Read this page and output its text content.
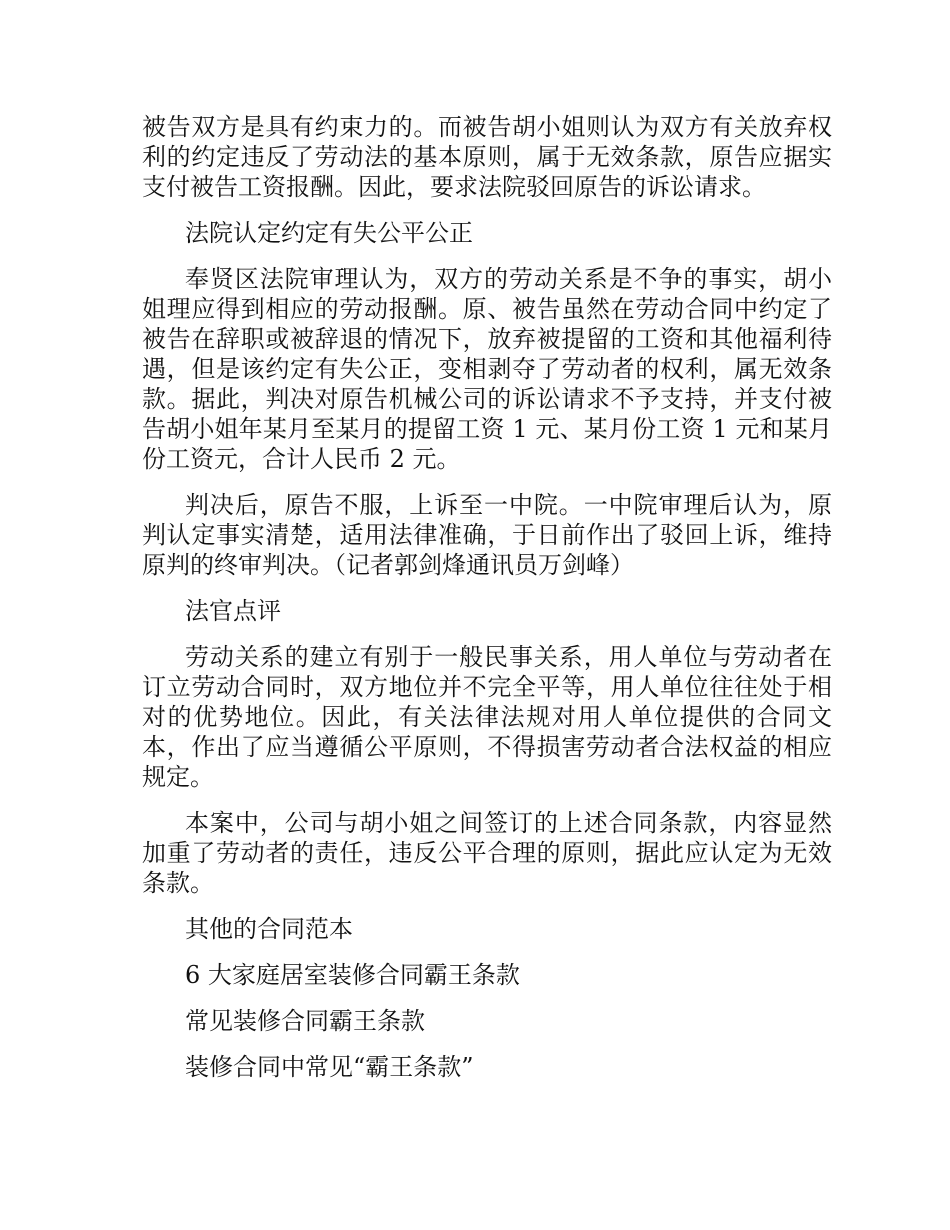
被告双方是具有约束力的。而被告胡小姐则认为双方有关放弃权利的约定违反了劳动法的基本原则，属于无效条款，原告应据实支付被告工资报酬。因此，要求法院驳回原告的诉讼请求。

法院认定约定有失公平公正

奉贤区法院审理认为，双方的劳动关系是不争的事实，胡小姐理应得到相应的劳动报酬。原、被告虽然在劳动合同中约定了被告在辞职或被辞退的情况下，放弃被提留的工资和其他福利待遇，但是该约定有失公正，变相剥夺了劳动者的权利，属无效条款。据此，判决对原告机械公司的诉讼请求不予支持，并支付被告胡小姐年某月至某月的提留工资 1 元、某月份工资 1 元和某月份工资元，合计人民币 2 元。

判决后，原告不服，上诉至一中院。一中院审理后认为，原判认定事实清楚，适用法律准确，于日前作出了驳回上诉，维持原判的终审判决。（记者郭剑烽通讯员万剑峰）

法官点评

劳动关系的建立有别于一般民事关系，用人单位与劳动者在订立劳动合同时，双方地位并不完全平等，用人单位往往处于相对的优势地位。因此，有关法律法规对用人单位提供的合同文本，作出了应当遵循公平原则，不得损害劳动者合法权益的相应规定。

本案中，公司与胡小姐之间签订的上述合同条款，内容显然加重了劳动者的责任，违反公平合理的原则，据此应认定为无效条款。

其他的合同范本

6 大家庭居室装修合同霸王条款

常见装修合同霸王条款

装修合同中常见“霸王条款”
